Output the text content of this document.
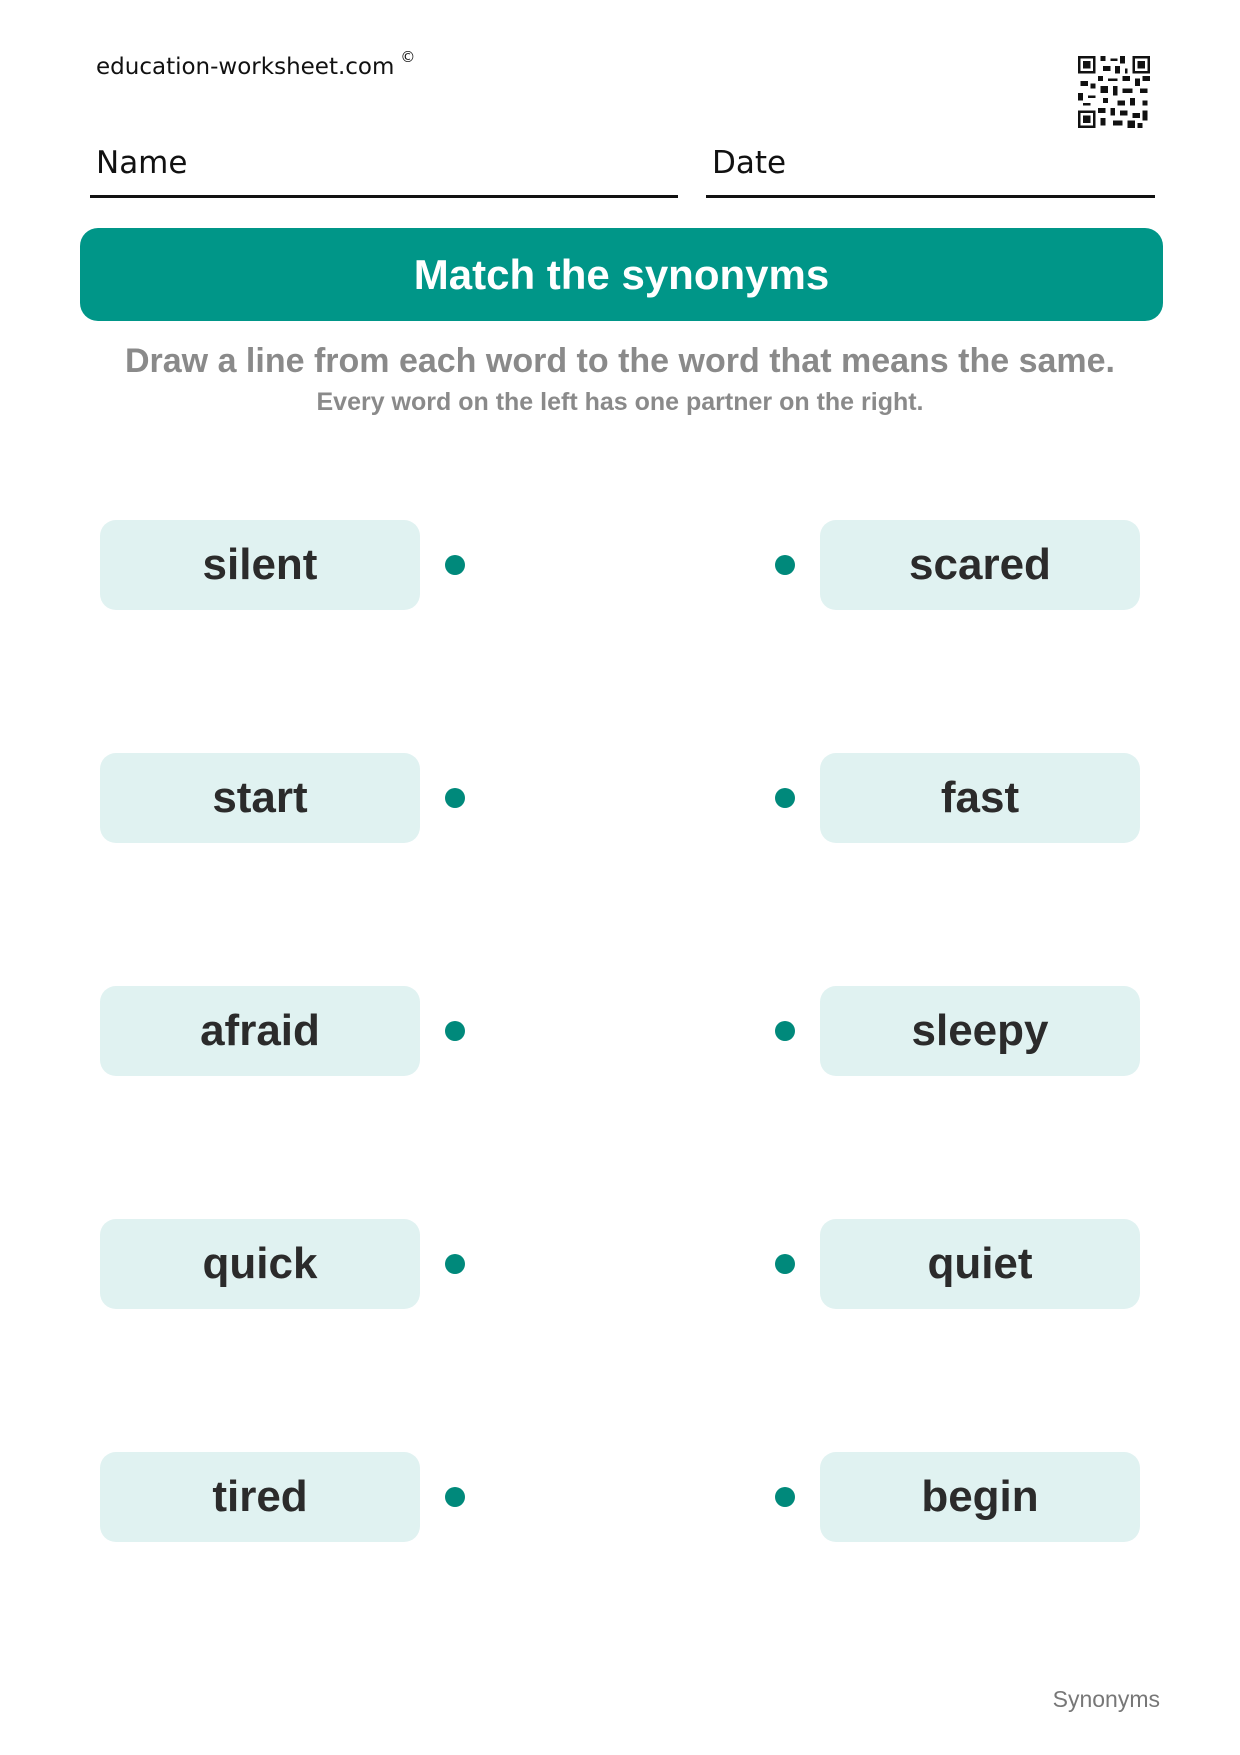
education-worksheet.com ©
Name	Date
Match the synonyms
Draw a line from each word to the word that means the same.
Every word on the left has one partner on the right.
silent	scared
start	fast
afraid	sleepy
quick	quiet
tired	begin
Synonyms
